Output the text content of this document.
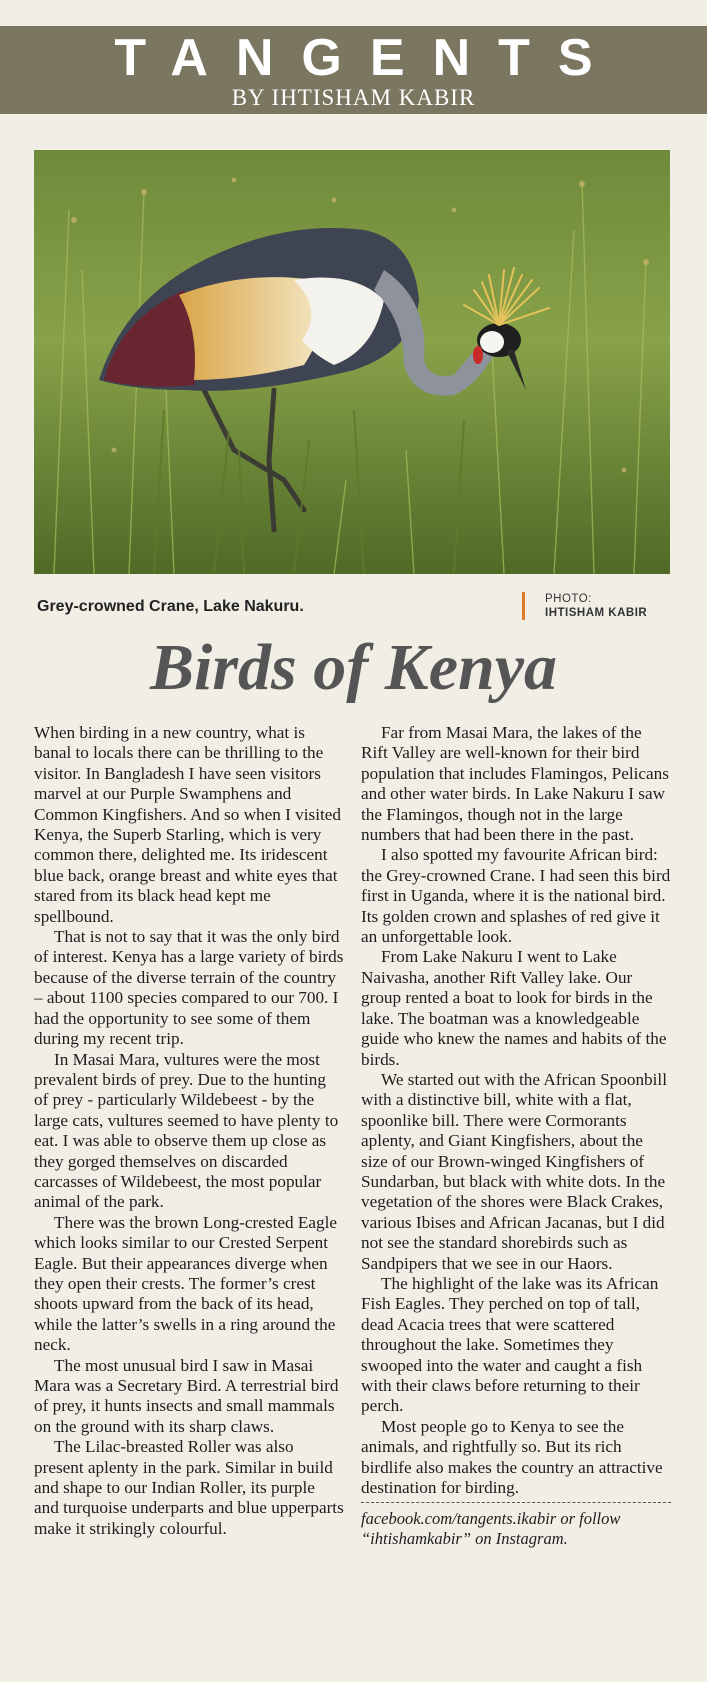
TANGENTS
BY IHTISHAM KABIR
Grey-crowned Crane, Lake Nakuru.	PHOTO:
IHTISHAM KABIR
Birds of Kenya

When birding in a new country, what is banal to locals there can be thrilling to the visitor. In Bangladesh I have seen visitors marvel at our Purple Swamphens and Common Kingfishers. And so when I visited Kenya, the Superb Starling, which is very common there, delighted me. Its iridescent blue back, orange breast and white eyes that stared from its black head kept me spellbound.

That is not to say that it was the only bird of interest. Kenya has a large variety of birds because of the diverse terrain of the country – about 1100 species compared to our 700. I had the opportunity to see some of them during my recent trip.

In Masai Mara, vultures were the most prevalent birds of prey. Due to the hunting of prey - particularly Wildebeest - by the large cats, vultures seemed to have plenty to eat. I was able to observe them up close as they gorged themselves on discarded carcasses of Wildebeest, the most popular animal of the park.

There was the brown Long-crested Eagle which looks similar to our Crested Serpent Eagle. But their appearances diverge when they open their crests. The former’s crest shoots upward from the back of its head, while the latter’s swells in a ring around the neck.

The most unusual bird I saw in Masai Mara was a Secretary Bird. A terrestrial bird of prey, it hunts insects and small mammals on the ground with its sharp claws.

The Lilac-breasted Roller was also present aplenty in the park. Similar in build and shape to our Indian Roller, its purple and turquoise underparts and blue upperparts make it strikingly colourful.

Far from Masai Mara, the lakes of the Rift Valley are well-known for their bird population that includes Flamingos, Pelicans and other water birds. In Lake Nakuru I saw the Flamingos, though not in the large numbers that had been there in the past.

I also spotted my favourite African bird: the Grey-crowned Crane. I had seen this bird first in Uganda, where it is the national bird. Its golden crown and splashes of red give it an unforgettable look.

From Lake Nakuru I went to Lake Naivasha, another Rift Valley lake. Our group rented a boat to look for birds in the lake. The boatman was a knowledgeable guide who knew the names and habits of the birds.

We started out with the African Spoonbill with a distinctive bill, white with a flat, spoonlike bill. There were Cormorants aplenty, and Giant Kingfishers, about the size of our Brown-winged Kingfishers of Sundarban, but black with white dots. In the vegetation of the shores were Black Crakes, various Ibises and African Jacanas, but I did not see the standard shorebirds such as Sandpipers that we see in our Haors.

The highlight of the lake was its African Fish Eagles. They perched on top of tall, dead Acacia trees that were scattered throughout the lake. Sometimes they swooped into the water and caught a fish with their claws before returning to their perch.

Most people go to Kenya to see the animals, and rightfully so. But its rich birdlife also makes the country an attractive destination for birding.

facebook.com/tangents.ikabir or follow “ihtishamkabir” on Instagram.
